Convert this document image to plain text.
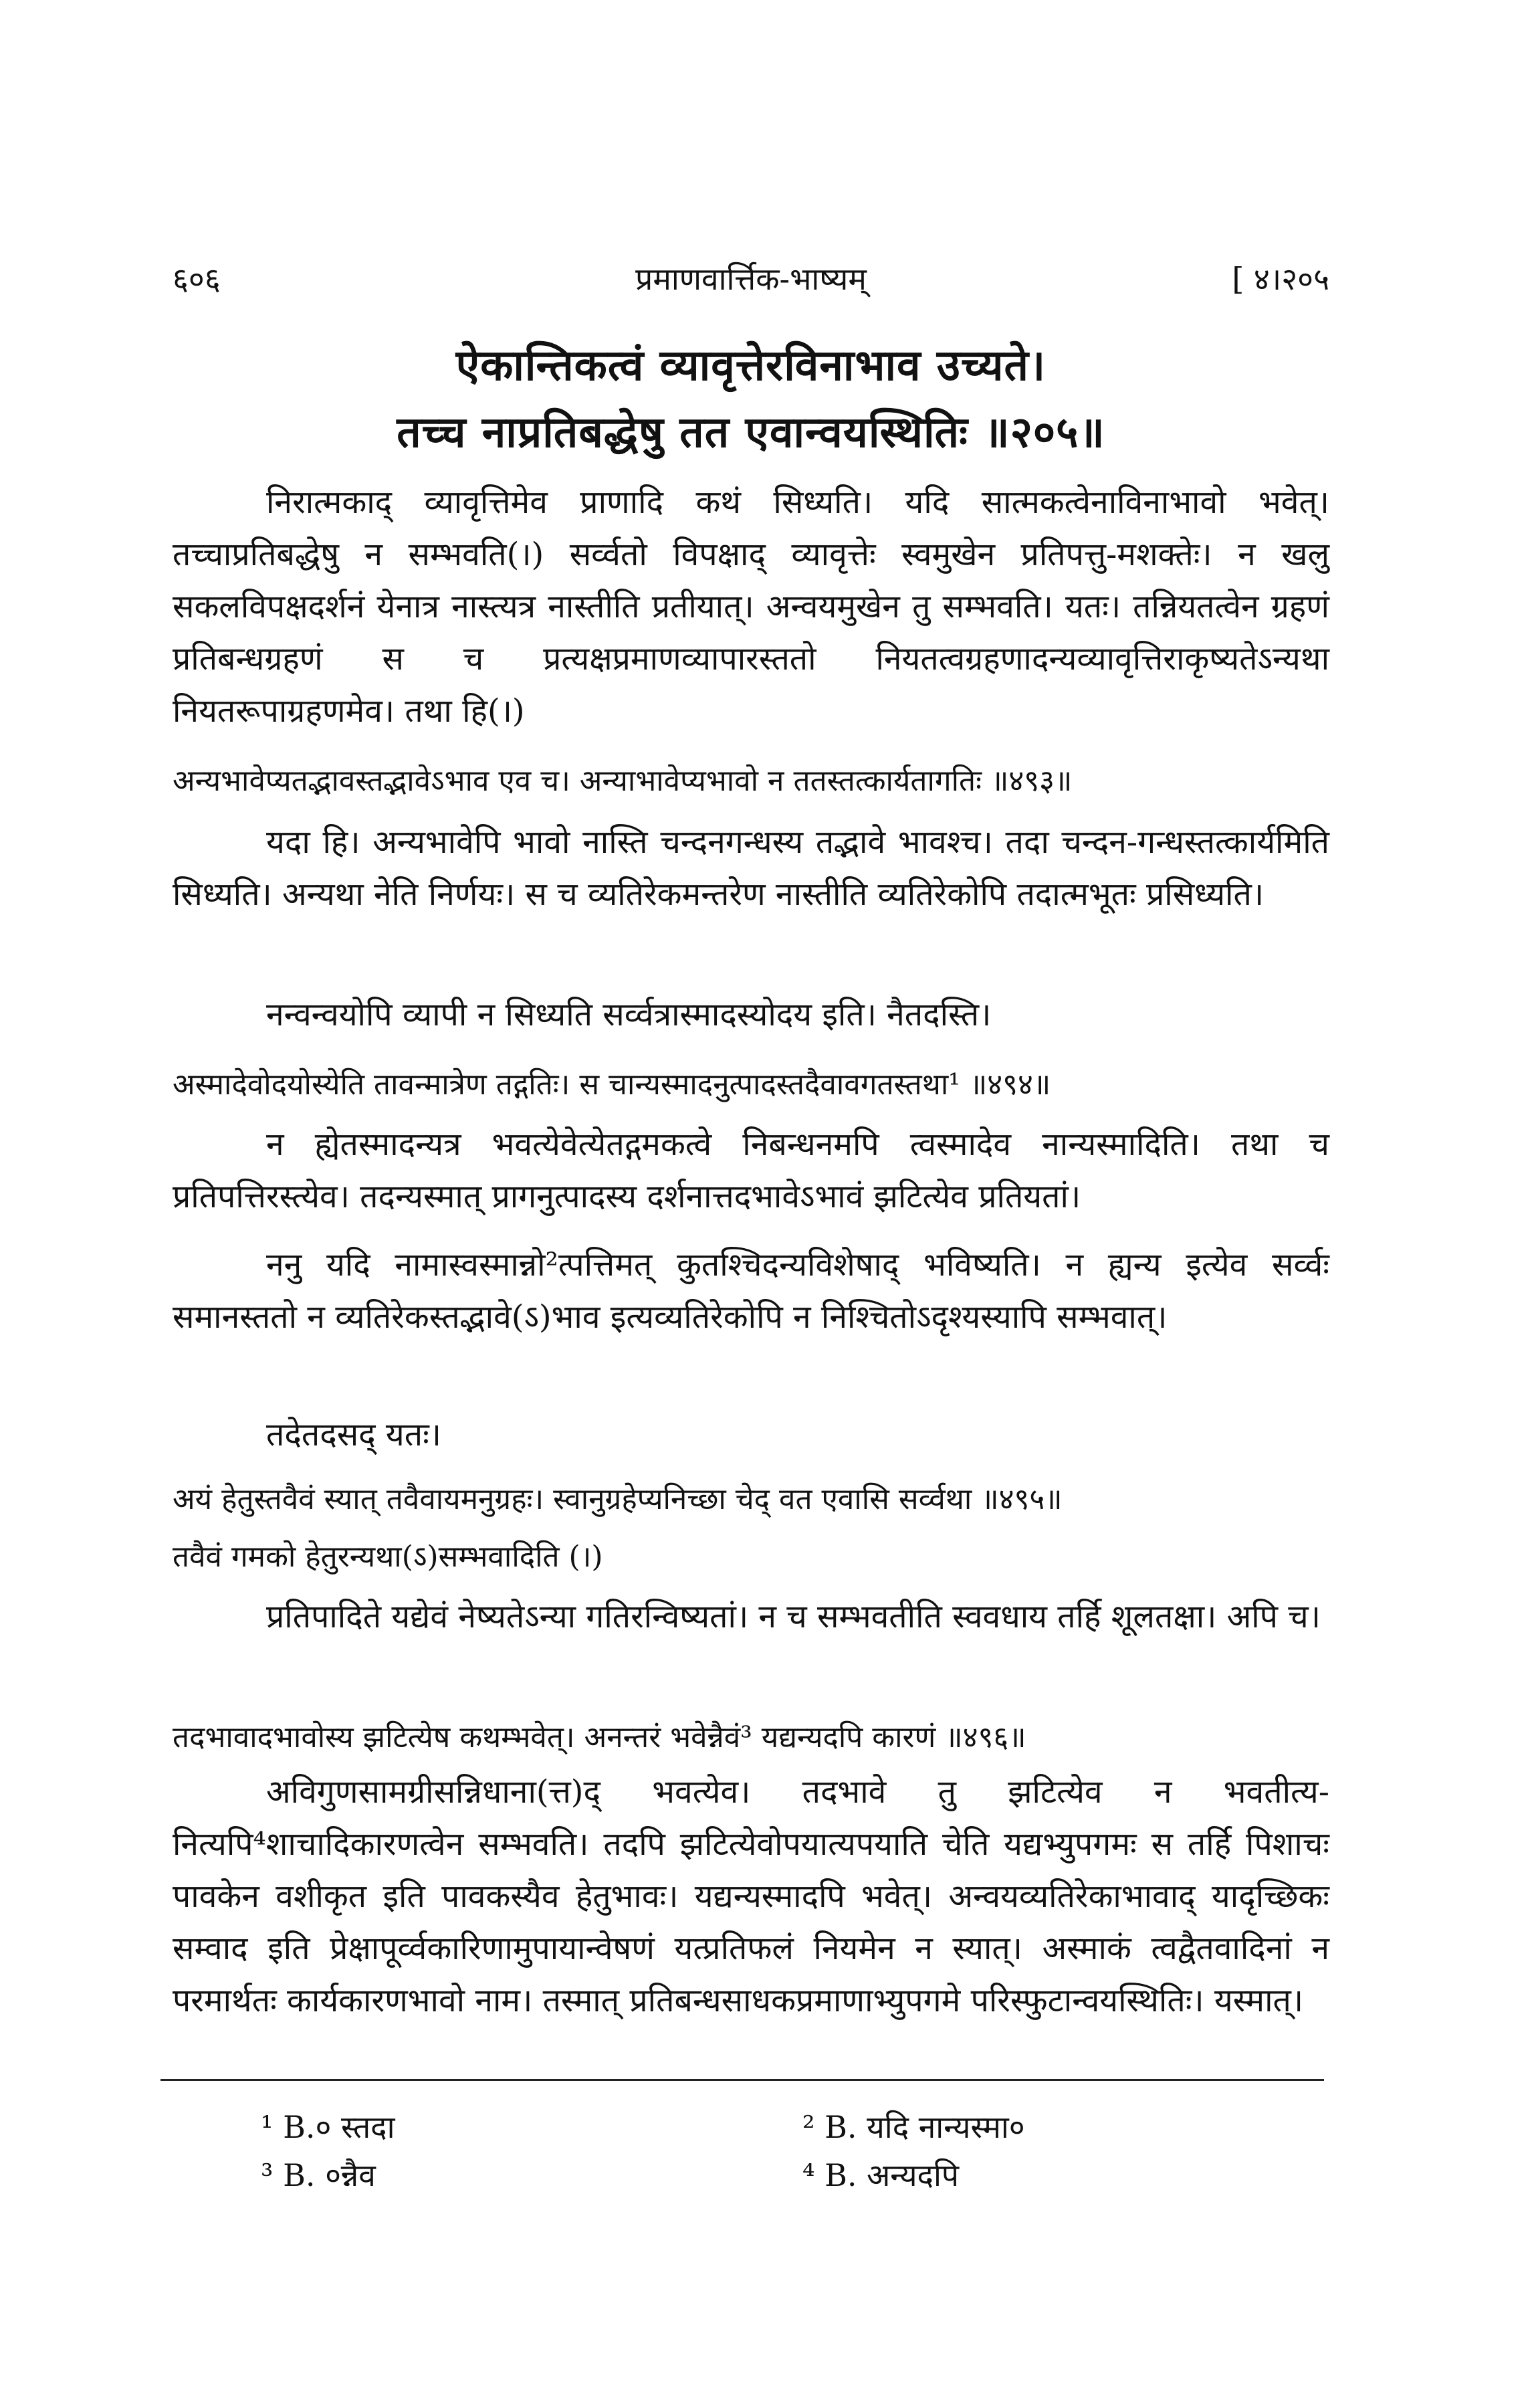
६०६	प्रमाणवार्त्तिक-भाष्यम्	[ ४।२०५
ऐकान्तिकत्वं व्यावृत्तेरविनाभाव उच्यते।
तच्च नाप्रतिबद्धेषु तत एवान्वयस्थितिः ॥२०५॥
निरात्मकाद् व्यावृत्तिमेव प्राणादि कथं सिध्यति। यदि सात्मकत्वेनाविनाभावो भवेत्। तच्चाप्रतिबद्धेषु न सम्भवति(।) सर्व्वतो विपक्षाद् व्यावृत्तेः स्वमुखेन प्रतिपत्तु-मशक्तेः। न खलु सकलविपक्षदर्शनं येनात्र नास्त्यत्र नास्तीति प्रतीयात्। अन्वयमुखेन तु सम्भवति। यतः। तन्नियतत्वेन ग्रहणं प्रतिबन्धग्रहणं स च प्रत्यक्षप्रमाणव्यापारस्ततो नियतत्वग्रहणादन्यव्यावृत्तिराकृष्यतेऽन्यथा नियतरूपाग्रहणमेव। तथा हि(।)
अन्यभावेप्यतद्भावस्तद्भावेऽभाव एव च। अन्याभावेप्यभावो न ततस्तत्कार्यतागतिः ॥४९३॥
यदा हि। अन्यभावेपि भावो नास्ति चन्दनगन्धस्य तद्भावे भावश्च। तदा चन्दन-गन्धस्तत्कार्यमिति सिध्यति। अन्यथा नेति निर्णयः। स च व्यतिरेकमन्तरेण नास्तीति व्यतिरेकोपि तदात्मभूतः प्रसिध्यति।
नन्वन्वयोपि व्यापी न सिध्यति सर्व्वत्रास्मादस्योदय इति। नैतदस्ति।
अस्मादेवोदयोस्येति तावन्मात्रेण तद्गतिः। स चान्यस्मादनुत्पादस्तदैवावगतस्तथा¹ ॥४९४॥
न ह्येतस्मादन्यत्र भवत्येवेत्येतद्गमकत्वे निबन्धनमपि त्वस्मादेव नान्यस्मादिति। तथा च प्रतिपत्तिरस्त्येव। तदन्यस्मात् प्रागनुत्पादस्य दर्शनात्तदभावेऽभावं झटित्येव प्रतियतां।
ननु यदि नामास्वस्मान्नो²त्पत्तिमत् कुतश्चिदन्यविशेषाद् भविष्यति। न ह्यन्य इत्येव सर्व्वः समानस्ततो न व्यतिरेकस्तद्भावे(ऽ)भाव इत्यव्यतिरेकोपि न निश्चितोऽदृश्यस्यापि सम्भवात्।
तदेतदसद् यतः।
अयं हेतुस्तवैवं स्यात् तवैवायमनुग्रहः। स्वानुग्रहेप्यनिच्छा चेद् वत एवासि सर्व्वथा ॥४९५॥
तवैवं गमको हेतुरन्यथा(ऽ)सम्भवादिति (।)
प्रतिपादिते यद्येवं नेष्यतेऽन्या गतिरन्विष्यतां। न च सम्भवतीति स्ववधाय तर्हि शूलतक्षा। अपि च।
तदभावादभावोस्य झटित्येष कथम्भवेत्। अनन्तरं भवेन्नैवं³ यद्यन्यदपि कारणं ॥४९६॥
अविगुणसामग्रीसन्निधाना(त्त)द् भवत्येव। तदभावे तु झटित्येव न भवतीत्य-नित्यपि⁴शाचादिकारणत्वेन सम्भवति। तदपि झटित्येवोपयात्यपयाति चेति यद्यभ्युपगमः स तर्हि पिशाचः पावकेन वशीकृत इति पावकस्यैव हेतुभावः। यद्यन्यस्मादपि भवेत्। अन्वयव्यतिरेकाभावाद् यादृच्छिकः सम्वाद इति प्रेक्षापूर्व्वकारिणामुपायान्वेषणं यत्प्रतिफलं नियमेन न स्यात्। अस्माकं त्वद्वैतवादिनां न परमार्थतः कार्यकारणभावो नाम। तस्मात् प्रतिबन्धसाधकप्रमाणाभ्युपगमे परिस्फुटान्वयस्थितिः। यस्मात्।
¹ B.० स्तदा	² B. यदि नान्यस्मा०
³ B. ०न्नैव	⁴ B. अन्यदपि
